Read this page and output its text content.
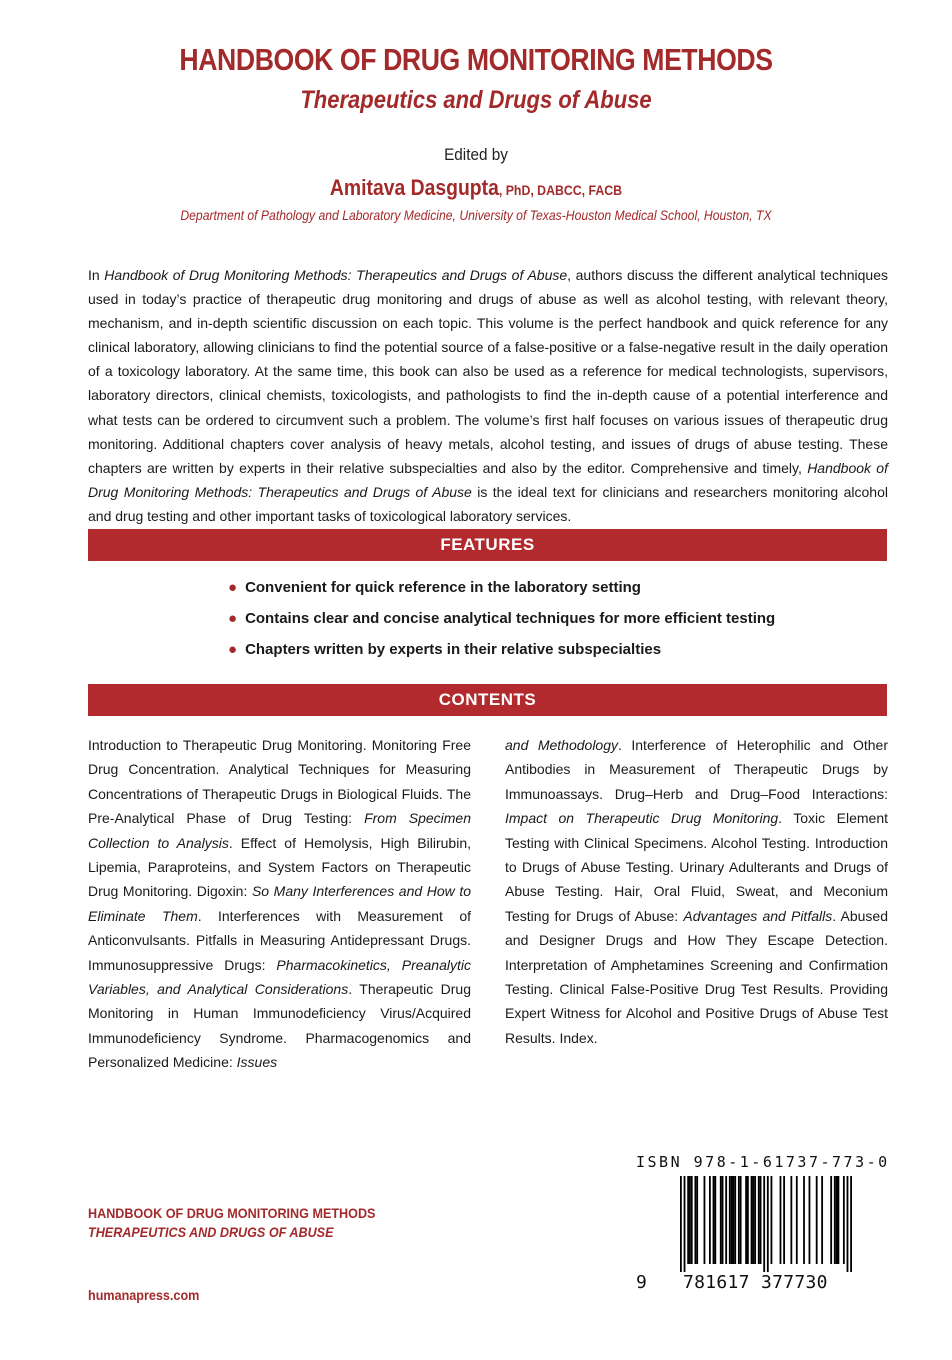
HANDBOOK OF DRUG MONITORING METHODS
Therapeutics and Drugs of Abuse
Edited by
Amitava Dasgupta, PhD, DABCC, FACB
Department of Pathology and Laboratory Medicine, University of Texas-Houston Medical School, Houston, TX

In Handbook of Drug Monitoring Methods: Therapeutics and Drugs of Abuse, authors discuss the different analytical techniques used in today’s practice of therapeutic drug monitoring and drugs of abuse as well as alcohol testing, with relevant theory, mechanism, and in-depth scientific discussion on each topic. This volume is the perfect handbook and quick reference for any clinical laboratory, allowing clinicians to find the potential source of a false-positive or a false-negative result in the daily operation of a toxicology laboratory. At the same time, this book can also be used as a reference for medical technologists, supervisors, laboratory directors, clinical chemists, toxicologists, and pathologists to find the in-depth cause of a potential interference and what tests can be ordered to circumvent such a problem. The volume’s first half focuses on various issues of therapeutic drug monitoring. Additional chapters cover analysis of heavy metals, alcohol testing, and issues of drugs of abuse testing. These chapters are written by experts in their relative subspecialties and also by the editor. Comprehensive and timely, Handbook of Drug Monitoring Methods: Therapeutics and Drugs of Abuse is the ideal text for clinicians and researchers monitoring alcohol and drug testing and other important tasks of toxicological laboratory services.

FEATURES
● Convenient for quick reference in the laboratory setting
● Contains clear and concise analytical techniques for more efficient testing
● Chapters written by experts in their relative subspecialties
CONTENTS

Introduction to Therapeutic Drug Monitoring. Monitoring Free Drug Concentration. Analytical Techniques for Measuring Concentrations of Therapeutic Drugs in Biological Fluids. The Pre-Analytical Phase of Drug Testing: From Specimen Collection to Analysis. Effect of Hemolysis, High Bilirubin, Lipemia, Paraproteins, and System Factors on Therapeutic Drug Monitoring. Digoxin: So Many Interferences and How to Eliminate Them. Interferences with Measurement of Anticonvulsants. Pitfalls in Measuring Antidepressant Drugs. Immunosuppressive Drugs: Pharmacokinetics, Preanalytic Variables, and Analytical Considerations. Therapeutic Drug Monitoring in Human Immunodeficiency Virus/Acquired Immunodeficiency Syndrome. Pharmacogenomics and Personalized Medicine: Issues

and Methodology. Interference of Heterophilic and Other Antibodies in Measurement of Therapeutic Drugs by Immunoassays. Drug–Herb and Drug–Food Interactions: Impact on Therapeutic Drug Monitoring. Toxic Element Testing with Clinical Specimens. Alcohol Testing. Introduction to Drugs of Abuse Testing. Urinary Adulterants and Drugs of Abuse Testing. Hair, Oral Fluid, Sweat, and Meconium Testing for Drugs of Abuse: Advantages and Pitfalls. Abused and Designer Drugs and How They Escape Detection. Interpretation of Amphetamines Screening and Confirmation Testing. Clinical False-Positive Drug Test Results. Providing Expert Witness for Alcohol and Positive Drugs of Abuse Test Results. Index.

ISBN 978-1-61737-773-0
9 781617 377730
HANDBOOK OF DRUG MONITORING METHODS
THERAPEUTICS AND DRUGS OF ABUSE
humanapress.com
